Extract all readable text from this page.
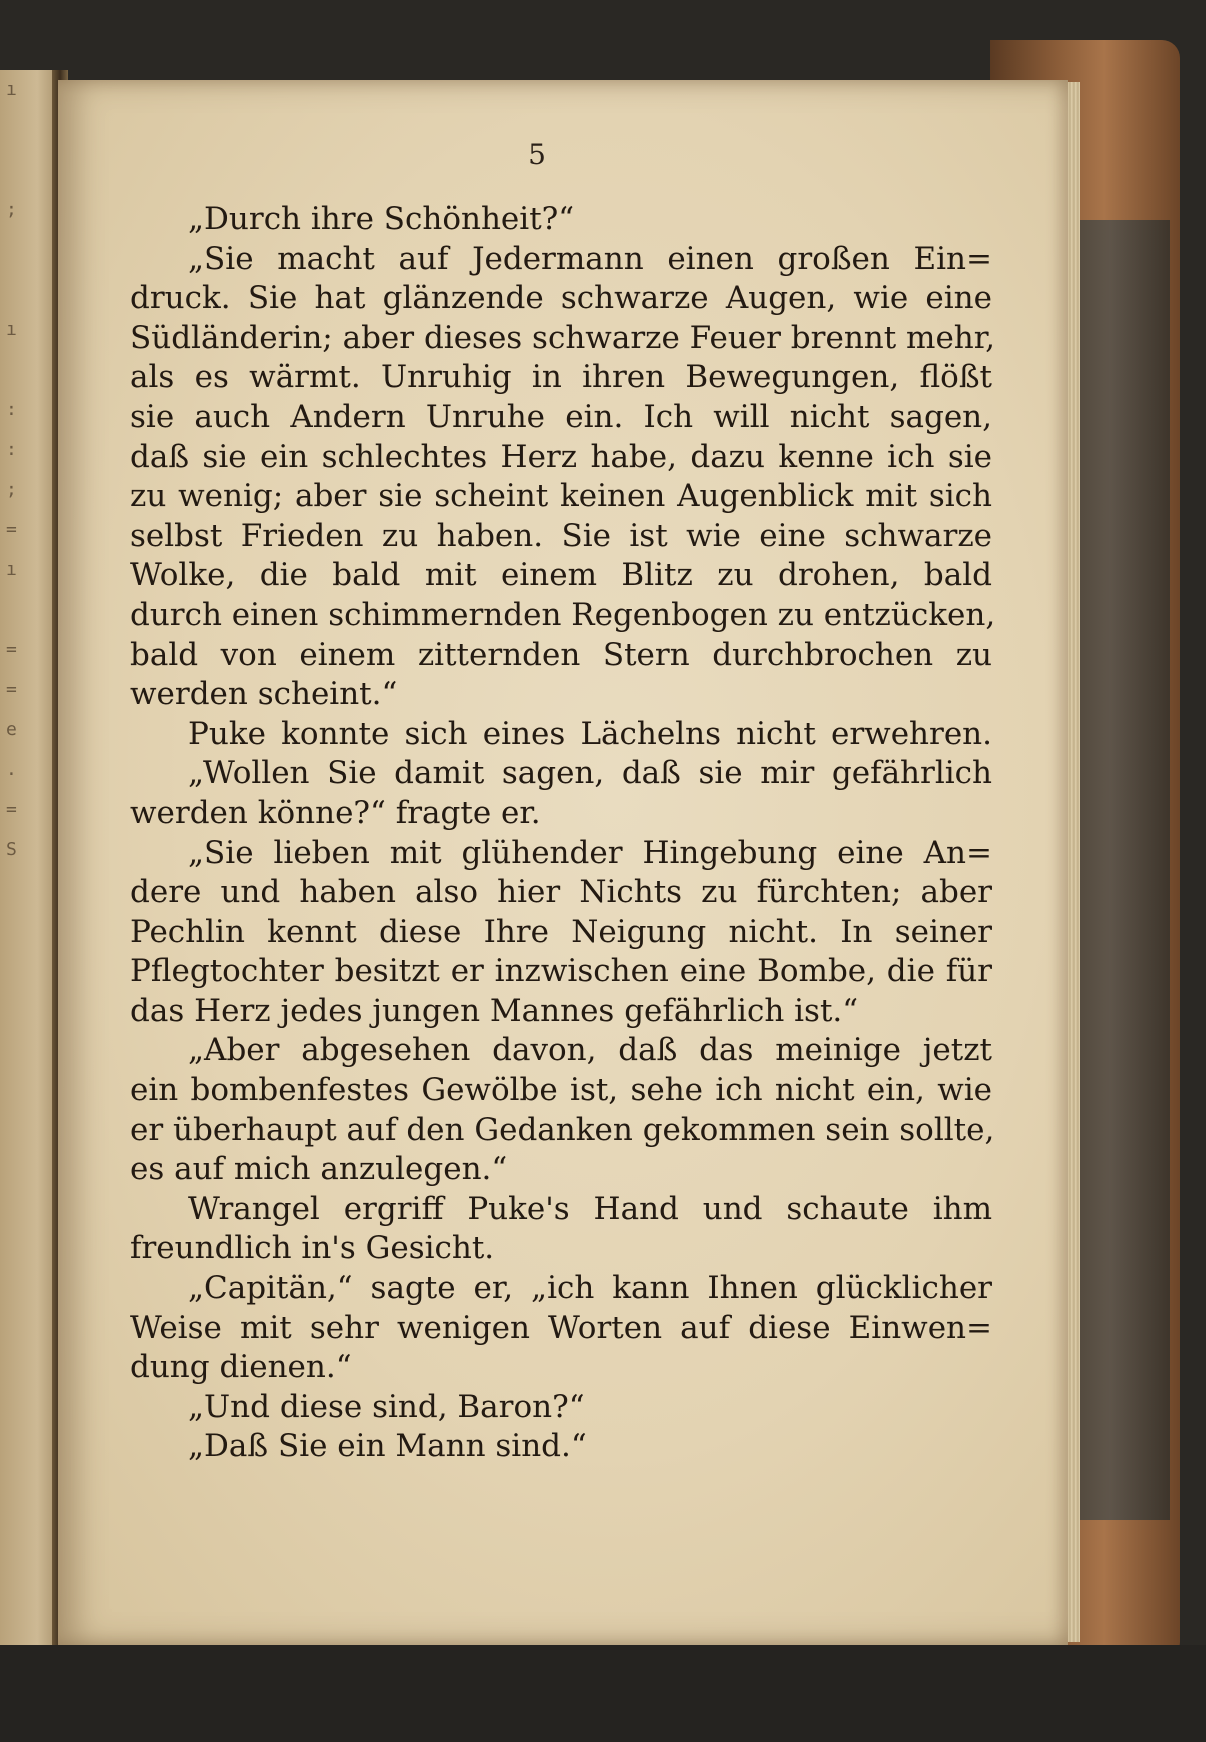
ı

;

ı

:
:
;
=
ı

=
=
e
.
=
S
5
„Durch ihre Schönheit?“
„Sie macht auf Jedermann einen großen Ein=
druck. Sie hat glänzende schwarze Augen, wie eine
Südländerin; aber dieses schwarze Feuer brennt mehr,
als es wärmt. Unruhig in ihren Bewegungen, flößt
sie auch Andern Unruhe ein. Ich will nicht sagen,
daß sie ein schlechtes Herz habe, dazu kenne ich sie
zu wenig; aber sie scheint keinen Augenblick mit sich
selbst Frieden zu haben. Sie ist wie eine schwarze
Wolke, die bald mit einem Blitz zu drohen, bald
durch einen schimmernden Regenbogen zu entzücken,
bald von einem zitternden Stern durchbrochen zu
werden scheint.“
Puke konnte sich eines Lächelns nicht erwehren.
„Wollen Sie damit sagen, daß sie mir gefährlich
werden könne?“ fragte er.
„Sie lieben mit glühender Hingebung eine An=
dere und haben also hier Nichts zu fürchten; aber
Pechlin kennt diese Ihre Neigung nicht. In seiner
Pflegtochter besitzt er inzwischen eine Bombe, die für
das Herz jedes jungen Mannes gefährlich ist.“
„Aber abgesehen davon, daß das meinige jetzt
ein bombenfestes Gewölbe ist, sehe ich nicht ein, wie
er überhaupt auf den Gedanken gekommen sein sollte,
es auf mich anzulegen.“
Wrangel ergriff Puke's Hand und schaute ihm
freundlich in's Gesicht.
„Capitän,“ sagte er, „ich kann Ihnen glücklicher
Weise mit sehr wenigen Worten auf diese Einwen=
dung dienen.“
„Und diese sind, Baron?“
„Daß Sie ein Mann sind.“
